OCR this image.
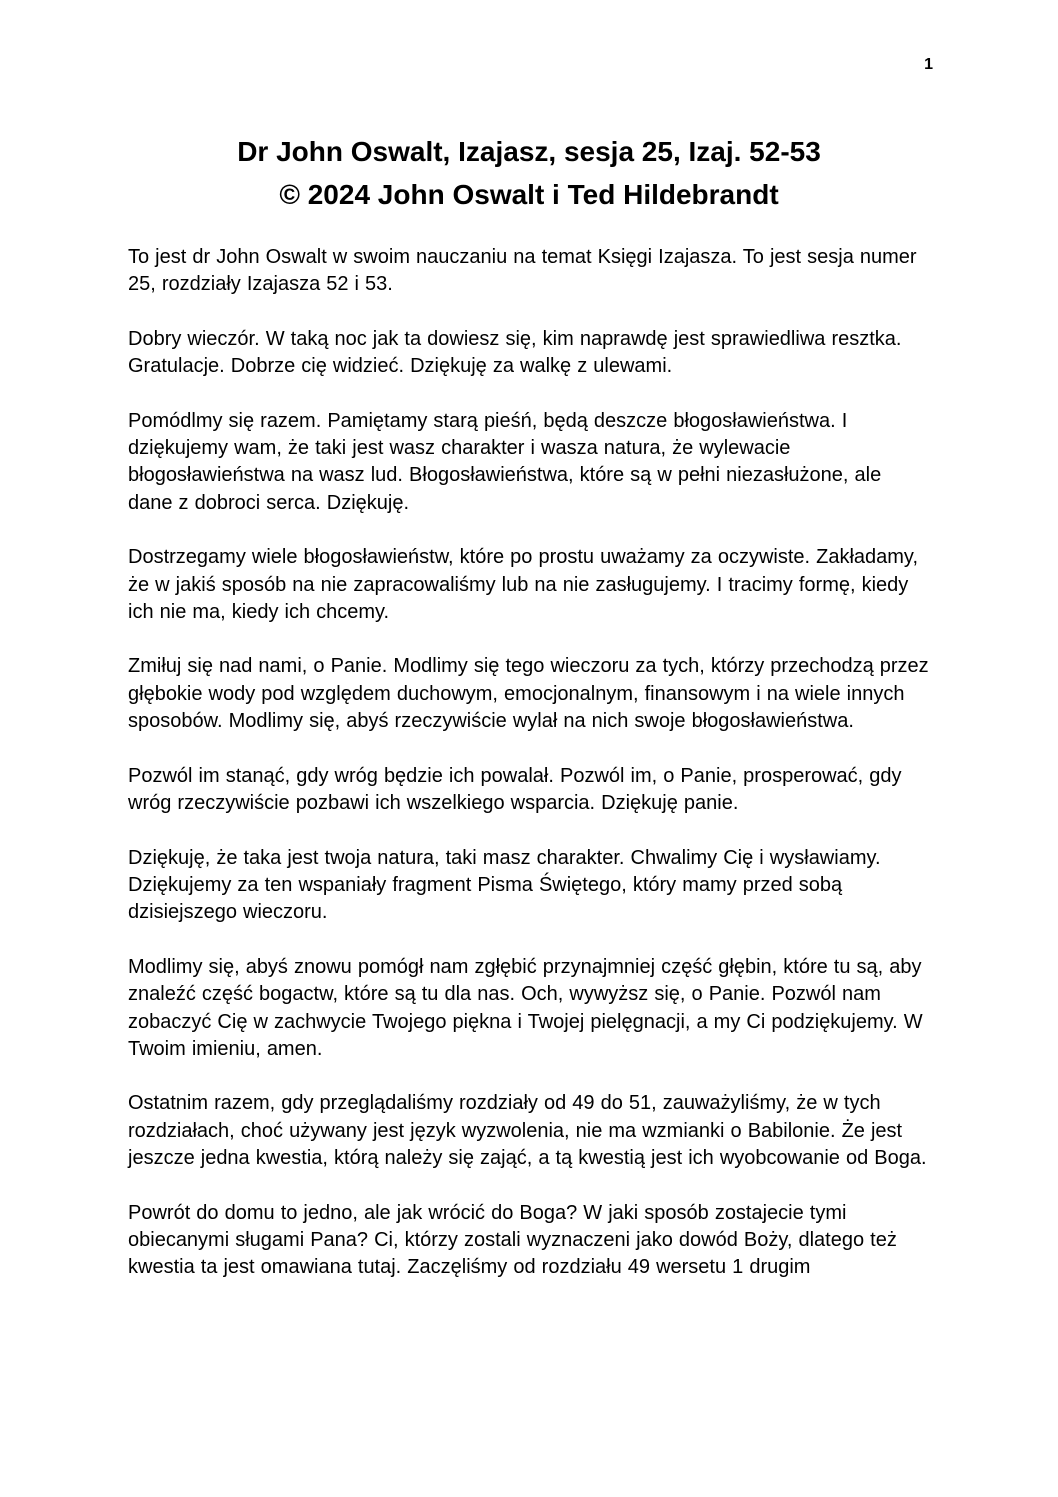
1
Dr John Oswalt, Izajasz, sesja 25, Izaj. 52-53
© 2024 John Oswalt i Ted Hildebrandt

To jest dr John Oswalt w swoim nauczaniu na temat Księgi Izajasza. To jest sesja numer 25, rozdziały Izajasza 52 i 53.

Dobry wieczór. W taką noc jak ta dowiesz się, kim naprawdę jest sprawiedliwa resztka. Gratulacje. Dobrze cię widzieć. Dziękuję za walkę z ulewami.

Pomódlmy się razem. Pamiętamy starą pieśń, będą deszcze błogosławieństwa. I dziękujemy wam, że taki jest wasz charakter i wasza natura, że wylewacie błogosławieństwa na wasz lud. Błogosławieństwa, które są w pełni niezasłużone, ale dane z dobroci serca. Dziękuję.

Dostrzegamy wiele błogosławieństw, które po prostu uważamy za oczywiste. Zakładamy, że w jakiś sposób na nie zapracowaliśmy lub na nie zasługujemy. I tracimy formę, kiedy ich nie ma, kiedy ich chcemy.

Zmiłuj się nad nami, o Panie. Modlimy się tego wieczoru za tych, którzy przechodzą przez głębokie wody pod względem duchowym, emocjonalnym, finansowym i na wiele innych sposobów. Modlimy się, abyś rzeczywiście wylał na nich swoje błogosławieństwa.

Pozwól im stanąć, gdy wróg będzie ich powalał. Pozwól im, o Panie, prosperować, gdy wróg rzeczywiście pozbawi ich wszelkiego wsparcia. Dziękuję panie.

Dziękuję, że taka jest twoja natura, taki masz charakter. Chwalimy Cię i wysławiamy. Dziękujemy za ten wspaniały fragment Pisma Świętego, który mamy przed sobą dzisiejszego wieczoru.

Modlimy się, abyś znowu pomógł nam zgłębić przynajmniej część głębin, które tu są, aby znaleźć część bogactw, które są tu dla nas. Och, wywyższ się, o Panie. Pozwól nam zobaczyć Cię w zachwycie Twojego piękna i Twojej pielęgnacji, a my Ci podziękujemy. W Twoim imieniu, amen.

Ostatnim razem, gdy przeglądaliśmy rozdziały od 49 do 51, zauważyliśmy, że w tych rozdziałach, choć używany jest język wyzwolenia, nie ma wzmianki o Babilonie. Że jest jeszcze jedna kwestia, którą należy się zająć, a tą kwestią jest ich wyobcowanie od Boga.

Powrót do domu to jedno, ale jak wrócić do Boga? W jaki sposób zostajecie tymi obiecanymi sługami Pana? Ci, którzy zostali wyznaczeni jako dowód Boży, dlatego też kwestia ta jest omawiana tutaj. Zaczęliśmy od rozdziału 49 wersetu 1 drugim
